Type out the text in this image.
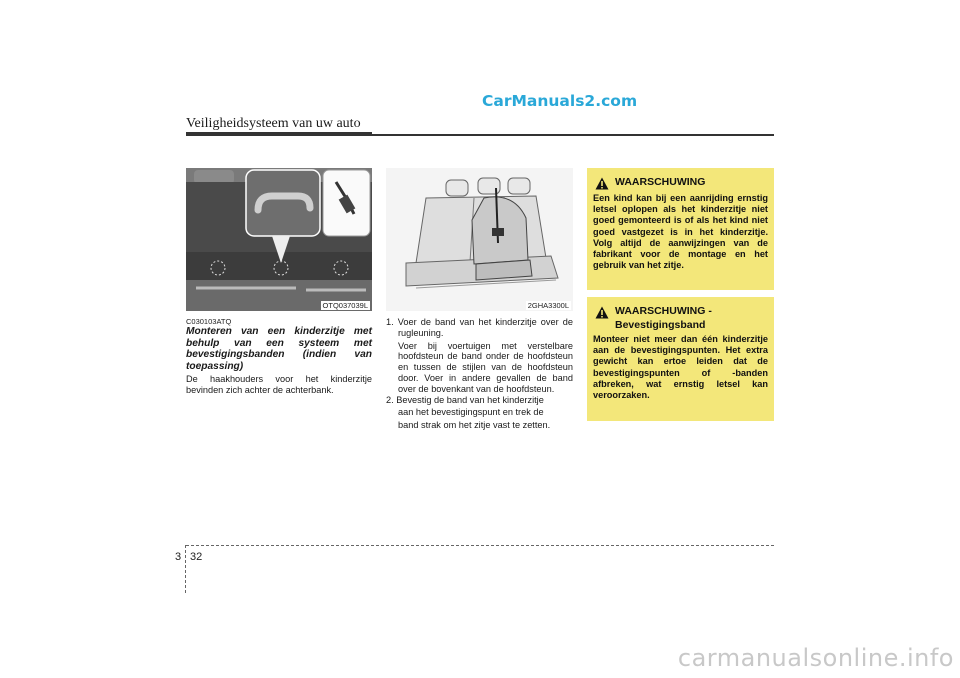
CarManuals2.com
Veiligheidsysteem van uw auto
OTQ037039L	2GHA3300L
C030103ATQ
Monteren van een kinderzitje met behulp van een systeem met bevestigingsbanden (indien van toepassing)
De haakhouders voor het kinderzitje bevinden zich achter de achterbank.

1. Voer de band van het kinderzitje over de rugleuning.

Voer bij voertuigen met verstelbare hoofdsteun de band onder de hoofdsteun en tussen de stijlen van de hoofdsteun door. Voer in andere gevallen de band over de bovenkant van de hoofdsteun.

2. Bevestig de band van het kinderzitje

aan het bevestigingspunt en trek de

band strak om het zitje vast te zetten.

WAARSCHUWING
Een kind kan bij een aanrijding ernstig letsel oplopen als het kinderzitje niet goed gemonteerd is of als het kind niet goed vastgezet is in het kinderzitje. Volg altijd de aanwijzingen van de fabrikant voor de montage en het gebruik van het zitje.
WAARSCHUWING -
Bevestigingsband
Monteer niet meer dan één kinderzitje aan de bevestigingspunten. Het extra gewicht kan ertoe leiden dat de bevestigingspunten of -banden afbreken, wat ernstig letsel kan veroorzaken.
3 32
carmanualsonline.info
